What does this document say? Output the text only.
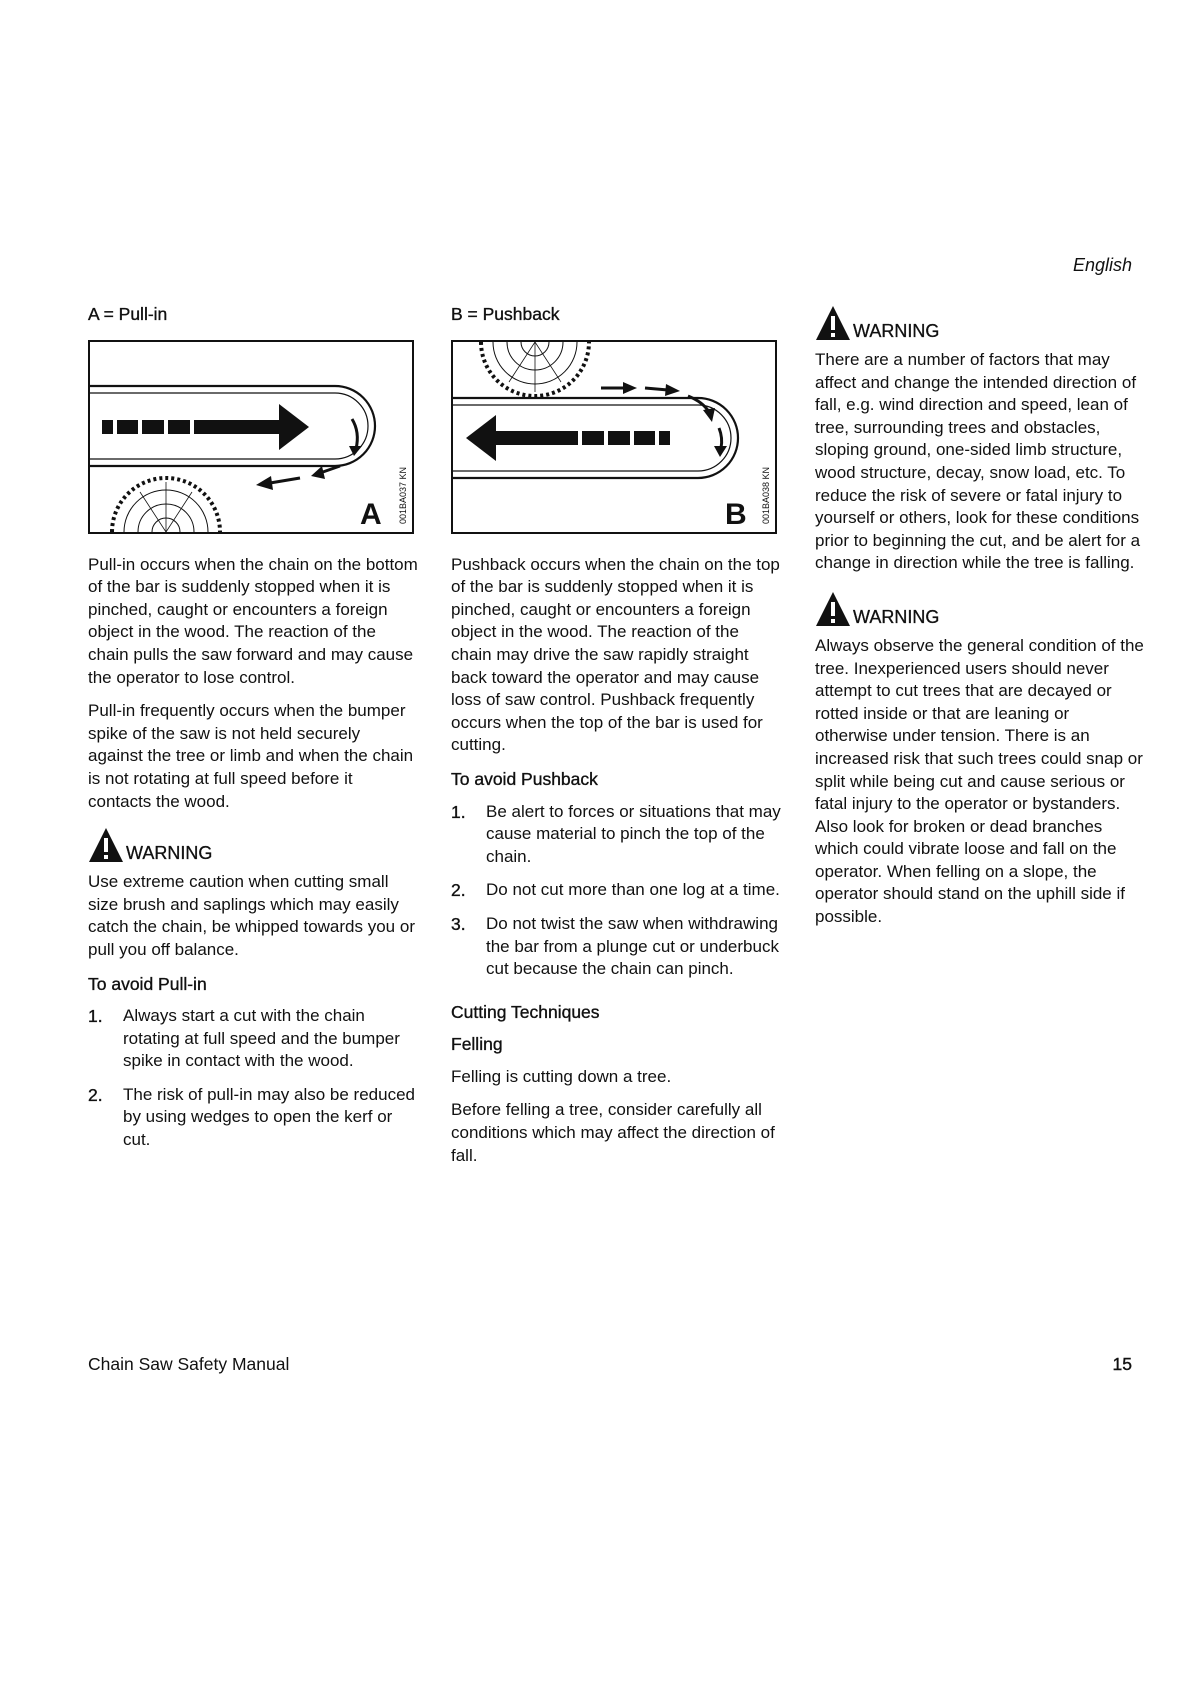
English
A = Pull-in
A 001BA037 KN

Pull-in occurs when the chain on the bottom of the bar is suddenly stopped when it is pinched, caught or encounters a foreign object in the wood. The reaction of the chain pulls the saw forward and may cause the operator to lose control.

Pull-in frequently occurs when the bumper spike of the saw is not held securely against the tree or limb and when the chain is not rotating at full speed before it contacts the wood.

WARNING

Use extreme caution when cutting small size brush and saplings which may easily catch the chain, be whipped towards you or pull you off balance.

To avoid Pull-in
1. Always start a cut with the chain rotating at full speed and the bumper spike in contact with the wood.
2. The risk of pull-in may also be reduced by using wedges to open the kerf or cut.
B = Pushback
B 001BA038 KN

Pushback occurs when the chain on the top of the bar is suddenly stopped when it is pinched, caught or encounters a foreign object in the wood. The reaction of the chain may drive the saw rapidly straight back toward the operator and may cause loss of saw control. Pushback frequently occurs when the top of the bar is used for cutting.

To avoid Pushback
1. Be alert to forces or situations that may cause material to pinch the top of the chain.
2. Do not cut more than one log at a time.
3. Do not twist the saw when withdrawing the bar from a plunge cut or underbuck cut because the chain can pinch.
Cutting Techniques
Felling

Felling is cutting down a tree.

Before felling a tree, consider carefully all conditions which may affect the direction of fall.

WARNING

There are a number of factors that may affect and change the intended direction of fall, e.g. wind direction and speed, lean of tree, surrounding trees and obstacles, sloping ground, one-sided limb structure, wood structure, decay, snow load, etc. To reduce the risk of severe or fatal injury to yourself or others, look for these conditions prior to beginning the cut, and be alert for a change in direction while the tree is falling.

WARNING

Always observe the general condition of the tree. Inexperienced users should never attempt to cut trees that are decayed or rotted inside or that are leaning or otherwise under tension. There is an increased risk that such trees could snap or split while being cut and cause serious or fatal injury to the operator or bystanders. Also look for broken or dead branches which could vibrate loose and fall on the operator. When felling on a slope, the operator should stand on the uphill side if possible.

Chain Saw Safety Manual	15
